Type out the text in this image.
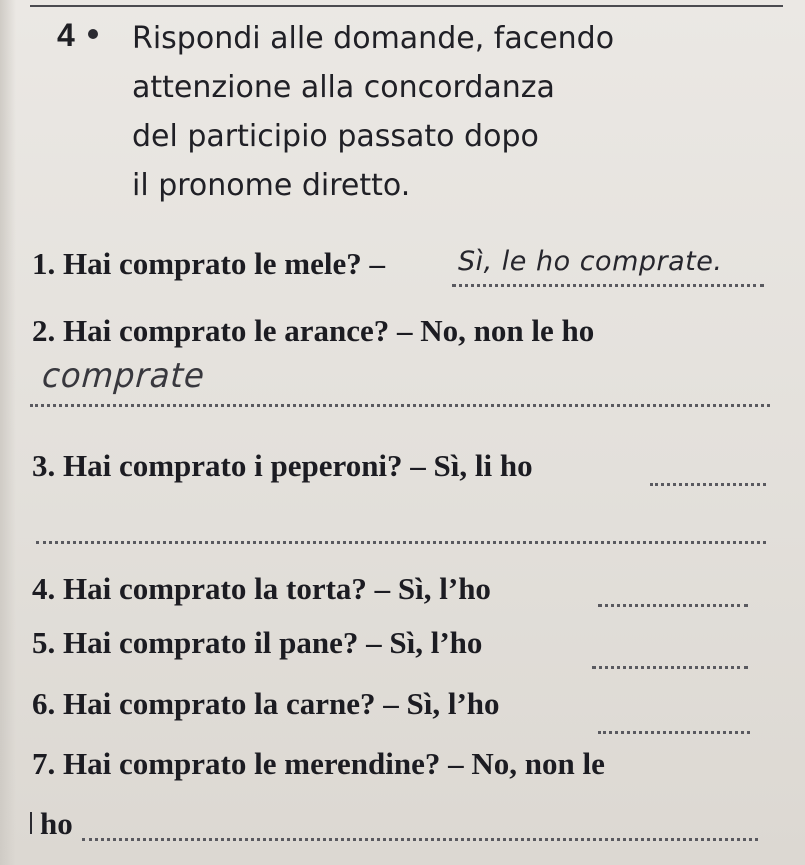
4 Rispondi alle domande, facendo
attenzione alla concordanza
del participio passato dopo
il pronome diretto.
1. Hai comprato le mele? –	Sì, le ho comprate.
2. Hai comprato le arance? – No, non le ho
comprate
3. Hai comprato i peperoni? – Sì, li ho
4. Hai comprato la torta? – Sì, l’ho
5. Hai comprato il pane? – Sì, l’ho
6. Hai comprato la carne? – Sì, l’ho
7. Hai comprato le merendine? – No, non le
ho
